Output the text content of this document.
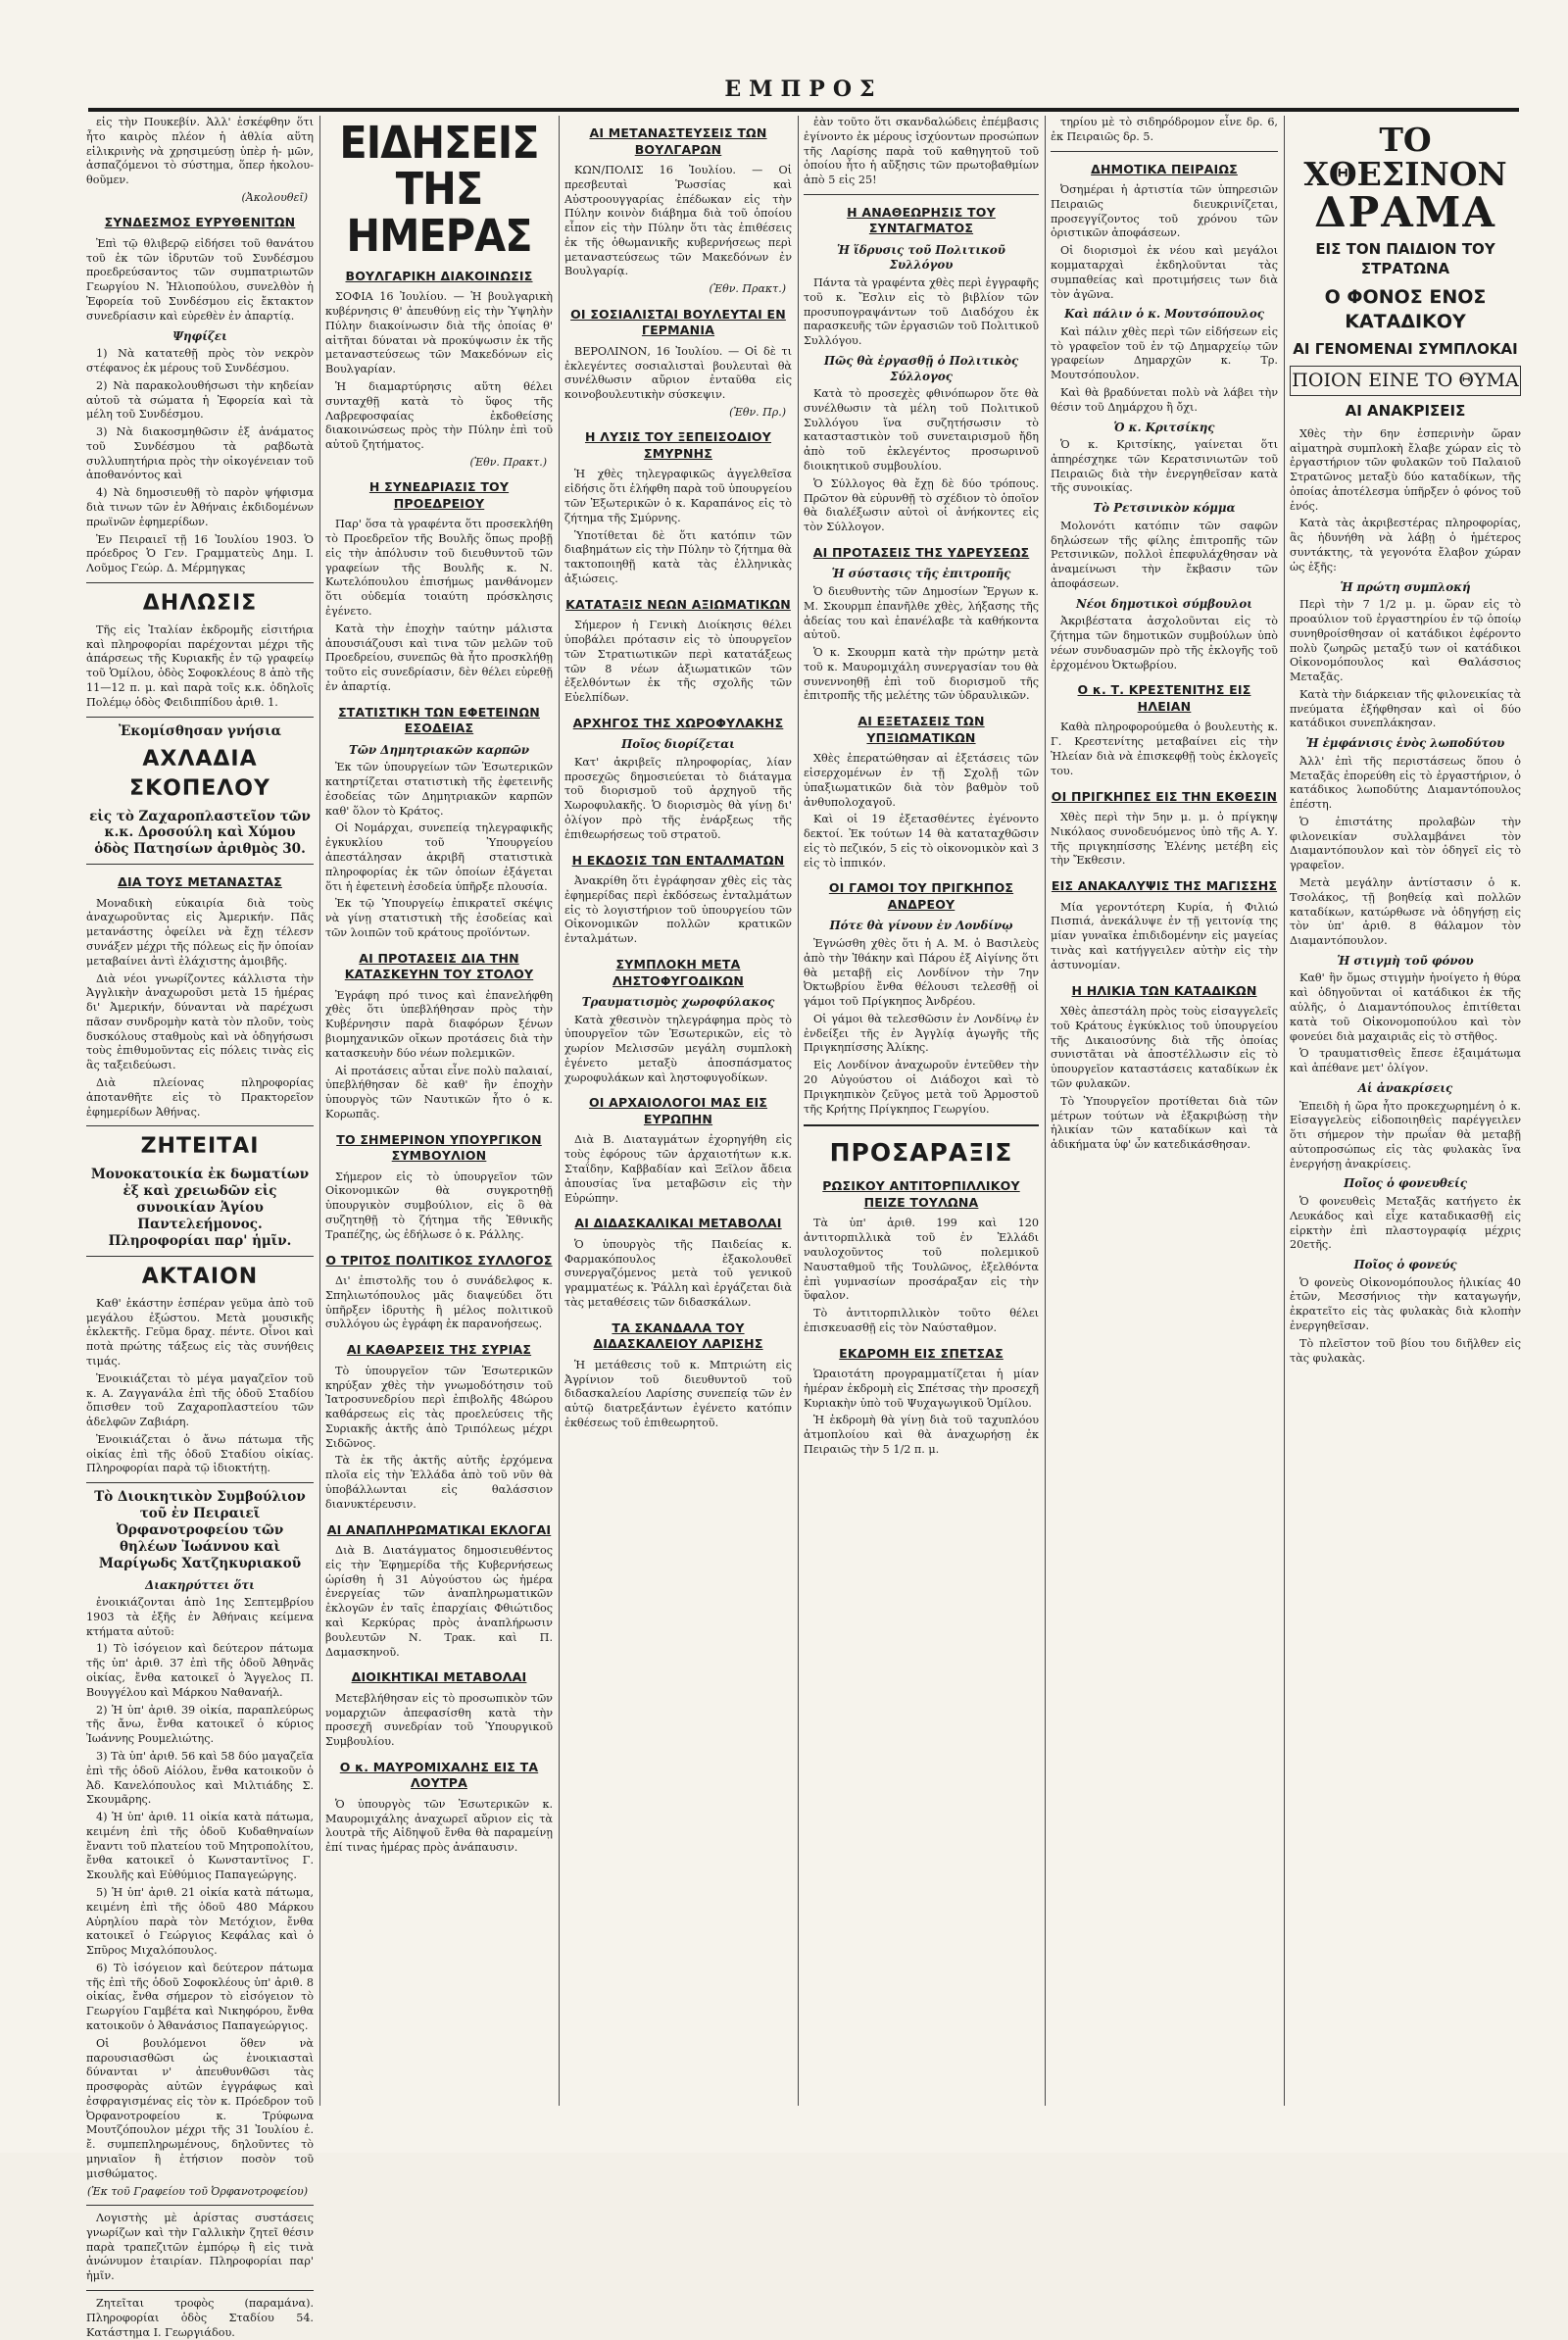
ΕΜΠΡΟΣ

εἰς τὴν Πουκεβίν. Ἀλλ' ἐσκέφθην ὅτι ἦτο καιρὸς πλέον ἡ ἀθλία αὕτη εἰλικρινὴς νὰ χρησιμεύσῃ ὑπὲρ ἡ- μῶν, ἀσπαζόμενοι τὸ σύστημα, ὅπερ ἠκολου- θοῦμεν.

(Ἀκολουθεῖ)
ΣΥΝΔΕΣΜΟΣ ΕΥΡΥΘΕΝΙΤΩΝ

Ἐπὶ τῷ θλιβερῷ εἰδήσει τοῦ θανάτου τοῦ ἐκ τῶν ἱδρυτῶν τοῦ Συνδέσμου προεδρεύσαντος τῶν συμπατριωτῶν Γεωργίου Ν. Ἠλιοπούλου, συνελθὸν ἡ Ἐφορεία τοῦ Συνδέσμου εἰς ἔκτακτον συνεδρίασιν καὶ εὐρεθὲν ἐν ἀπαρτίᾳ.

Ψηφίζει

1) Νὰ κατατεθῇ πρὸς τὸν νεκρὸν στέφανος ἐκ μέρους τοῦ Συνδέσμου.

2) Νὰ παρακολουθήσωσι τὴν κηδείαν αὐτοῦ τὰ σώματα ἡ Ἐφορεία καὶ τὰ μέλη τοῦ Συνδέσμου.

3) Νὰ διακοσμηθῶσιν ἐξ ἀνάματος τοῦ Συνδέσμου τὰ ραβδωτὰ συλλυπητήρια πρὸς τὴν οἰκογένειαν τοῦ ἀποθανόντος καὶ

4) Νὰ δημοσιευθῇ τὸ παρὸν ψήφισμα διὰ τινων τῶν ἐν Ἀθήναις ἐκδιδομένων πρωϊνῶν ἐφημερίδων.

Ἐν Πειραιεῖ τῇ 16 Ἰουλίου 1903. Ὁ πρόεδρος Ὁ Γεν. Γραμματεὺς Δημ. Ι. Λοῦμος Γεώρ. Δ. Μέρμηγκας

ΔΗΛΩΣΙΣ

Τῆς εἰς Ἰταλίαν ἐκδρομῆς εἰσιτήρια καὶ πληροφορίαι παρέχονται μέχρι τῆς ἀπάρσεως τῆς Κυριακῆς ἐν τῷ γραφείῳ τοῦ Ὁμίλου, ὁδὸς Σοφοκλέους 8 ἀπὸ τῆς 11—12 π. μ. καὶ παρὰ τοῖς κ.κ. ὀδηλοῖς Πολέμῳ ὁδὸς Φειδιππίδου ἀριθ. 1.

Ἐκομίσθησαν γνήσια
ΑΧΛΑΔΙΑ ΣΚΟΠΕΛΟΥ
εἰς τὸ Ζαχαροπλαστεῖον τῶν κ.κ. Δροσούλη καὶ Χύμου ὁδὸς Πατησίων ἀριθμὸς 30.
ΔΙΑ ΤΟΥΣ ΜΕΤΑΝΑΣΤΑΣ

Μοναδικὴ εὐκαιρία διὰ τοὺς ἀναχωροῦντας εἰς Ἀμερικήν. Πᾶς μετανάστης ὀφείλει νὰ ἔχῃ τέλεσν συνάξεν μέχρι τῆς πόλεως εἰς ἥν ὁποίαν μεταβαίνει ἀντὶ ἐλάχιστης ἀμοιβῆς.

Διὰ νέοι γνωρίζοντες κάλλιστα τὴν Ἀγγλικὴν ἀναχωροῦσι μετὰ 15 ἡμέρας δι' Ἀμερικήν, δύνανται νὰ παρέχωσι πᾶσαν συνδρομὴν κατὰ τὸν πλοῦν, τοὺς δυσκόλους σταθμοὺς καὶ νὰ ὁδηγήσωσι τοὺς ἐπιθυμοῦντας εἰς πόλεις τινὰς εἰς ἃς ταξειδεύωσι.

Διὰ πλείονας πληροφορίας ἀποτανθῆτε εἰς τὸ Πρακτορεῖον ἐφημερίδων Ἀθήνας.

ΖΗΤΕΙΤΑΙ
Μονοκατοικία ἐκ δωματίων ἐξ καὶ χρειωδῶν εἰς συνοικίαν Ἁγίου Παντελεήμονος. Πληροφορίαι παρ' ἡμῖν.
ΑΚΤΑΙΟΝ

Καθ' ἑκάστην ἑσπέραν γεῦμα ἀπὸ τοῦ μεγάλου ἐξώστου. Μετὰ μουσικῆς ἐκλεκτῆς. Γεῦμα δραχ. πέντε. Οἶνοι καὶ ποτὰ πρώτης τάξεως εἰς τὰς συνήθεις τιμάς.

Ἐνοικιάζεται τὸ μέγα μαγαζεῖον τοῦ κ. Α. Ζαγγανάλα ἐπὶ τῆς ὁδοῦ Σταδίου ὄπισθεν τοῦ Ζαχαροπλαστείου τῶν ἀδελφῶν Ζαβιάρη.

Ἐνοικιάζεται ὁ ἄνω πάτωμα τῆς οἰκίας ἐπὶ τῆς ὁδοῦ Σταδίου οἰκίας. Πληροφορίαι παρὰ τῷ ἰδιοκτήτῃ.

Τὸ Διοικητικὸν Συμβούλιον τοῦ ἐν Πειραιεῖ Ὀρφανοτροφείου τῶν θηλέων Ἰωάννου καὶ Μαρίγωδς Χατζηκυριακοῦ
Διακηρύττει ὅτι

ἐνοικιάζονται ἀπὸ 1ης Σεπτεμβρίου 1903 τὰ ἐξῆς ἐν Ἀθήναις κείμενα κτήματα αὐτοῦ:

1) Τὸ ἰσόγειον καὶ δεύτερον πάτωμα τῆς ὑπ' ἀριθ. 37 ἐπὶ τῆς ὁδοῦ Ἀθηνᾶς οἰκίας, ἔνθα κατοικεῖ ὁ Ἄγγελος Π. Βουγγέλου καὶ Μάρκου Ναθαναήλ.

2) Ἡ ὑπ' ἀριθ. 39 οἰκία, παραπλεύρως τῆς ἄνω, ἔνθα κατοικεῖ ὁ κύριος Ἰωάννης Ρουμελιώτης.

3) Τὰ ὑπ' ἀριθ. 56 καὶ 58 δύο μαγαζεῖα ἐπὶ τῆς ὁδοῦ Αἰόλου, ἔνθα κατοικοῦν ὁ Ἀδ. Κανελόπουλος καὶ Μιλτιάδης Σ. Σκουμᾶρης.

4) Ἡ ὑπ' ἀριθ. 11 οἰκία κατὰ πάτωμα, κειμένη ἐπὶ τῆς ὁδοῦ Κυδαθηναίων ἔναντι τοῦ πλατείου τοῦ Μητροπολίτου, ἔνθα κατοικεῖ ὁ Κωνσταντῖνος Γ. Σκουλῆς καὶ Εὐθύμιος Παπαγεώργης.

5) Ἡ ὑπ' ἀριθ. 21 οἰκία κατὰ πάτωμα, κειμένη ἐπὶ τῆς ὁδοῦ 480 Μάρκου Αὐρηλίου παρὰ τὸν Μετόχιον, ἔνθα κατοικεῖ ὁ Γεώργιος Κεφάλας καὶ ὁ Σπῦρος Μιχαλόπουλος.

6) Τὸ ἰσόγειον καὶ δεύτερον πάτωμα τῆς ἐπὶ τῆς ὁδοῦ Σοφοκλέους ὑπ' ἀριθ. 8 οἰκίας, ἔνθα σήμερον τὸ εἰσόγειον τὸ Γεωργίου Γαμβέτα καὶ Νικηφόρου, ἔνθα κατοικοῦν ὁ Ἀθανάσιος Παπαγεώργιος.

Οἱ βουλόμενοι ὅθεν νὰ παρουσιασθῶσι ὡς ἐνοικιασταὶ δύνανται ν' ἀπευθυνθῶσι τὰς προσφορὰς αὐτῶν ἐγγράφως καὶ ἐσφραγισμένας εἰς τὸν κ. Πρόεδρον τοῦ Ὀρφανοτροφείου κ. Τρύφωνα Μουτζόπουλον μέχρι τῆς 31 Ἰουλίου ἐ. ἔ. συμπεπληρωμένους, δηλοῦντες τὸ μηνιαῖον ἢ ἐτήσιον ποσὸν τοῦ μισθώματος.

(Ἐκ τοῦ Γραφείου τοῦ Ὀρφανοτροφείου)

Λογιστὴς μὲ ἀρίστας συστάσεις γνωρίζων καὶ τὴν Γαλλικὴν ζητεῖ θέσιν παρὰ τραπεζιτῶν ἐμπόρῳ ἢ εἰς τινὰ ἀνώνυμον ἑταιρίαν. Πληροφορίαι παρ' ἡμῖν.

Ζητεῖται τροφὸς (παραμάνα). Πληροφορίαι ὁδὸς Σταδίου 54. Κατάστημα Ι. Γεωργιάδου.

ΕΙΔΗΣΕΙΣ ΤΗΣ ΗΜΕΡΑΣ
ΒΟΥΛΓΑΡΙΚΗ ΔΙΑΚΟΙΝΩΣΙΣ

ΣΟΦΙΑ 16 Ἰουλίου. — Ἡ βουλγαρικὴ κυβέρνησις θ' ἀπευθύνῃ εἰς τὴν Ὑψηλὴν Πύλην διακοίνωσιν διὰ τῆς ὁποίας θ' αἰτῆται δύναται νὰ προκύψωσιν ἐκ τῆς μεταναστεύσεως τῶν Μακεδόνων εἰς Βουλγαρίαν.

Ἡ διαμαρτύρησις αὕτη θέλει συνταχθῇ κατὰ τὸ ὕφος τῆς Λαβρεφοσφαίας ἐκδοθείσης διακοινώσεως πρὸς τὴν Πύλην ἐπὶ τοῦ αὐτοῦ ζητήματος.

(Ἐθν. Πρακτ.)
Η ΣΥΝΕΔΡΙΑΣΙΣ ΤΟΥ ΠΡΟΕΔΡΕΙΟΥ

Παρ' ὅσα τὰ γραφέντα ὅτι προσεκλήθη τὸ Προεδρεῖον τῆς Βουλῆς ὅπως προβῇ εἰς τὴν ἀπόλυσιν τοῦ διευθυντοῦ τῶν γραφείων τῆς Βουλῆς κ. Ν. Κωτελόπουλου ἐπισήμως μανθάνομεν ὅτι οὐδεμία τοιαύτη πρόσκλησις ἐγένετο.

Κατὰ τὴν ἐποχὴν ταύτην μάλιστα ἀπουσιάζουσι καὶ τινα τῶν μελῶν τοῦ Προεδρείου, συνεπῶς θὰ ἦτο προσκλήθῃ τοῦτο εἰς συνεδρίασιν, δὲν θέλει εὑρεθῇ ἐν ἀπαρτίᾳ.

ΣΤΑΤΙΣΤΙΚΗ ΤΩΝ ΕΦΕΤΕΙΝΩΝ ΕΣΟΔΕΙΑΣ
Τῶν Δημητριακῶν καρπῶν

Ἐκ τῶν ὑπουργείων τῶν Ἐσωτερικῶν κατηρτίζεται στατιστικὴ τῆς ἐφετεινῆς ἐσοδείας τῶν Δημητριακῶν καρπῶν καθ' ὅλον τὸ Κράτος.

Οἱ Νομάρχαι, συνεπείᾳ τηλεγραφικῆς ἐγκυκλίου τοῦ Ὑπουργείου ἀπεστάλησαν ἀκριβῆ στατιστικὰ πληροφορίας ἐκ τῶν ὁποίων ἐξάγεται ὅτι ἡ ἐφετεινὴ ἐσοδεία ὑπῆρξε πλουσία.

Ἐκ τῷ Ὑπουργείῳ ἐπικρατεῖ σκέψις νὰ γίνῃ στατιστικὴ τῆς ἐσοδείας καὶ τῶν λοιπῶν τοῦ κράτους προϊόντων.

ΑΙ ΠΡΟΤΑΣΕΙΣ ΔΙΑ ΤΗΝ ΚΑΤΑΣΚΕΥΗΝ ΤΟΥ ΣΤΟΛΟΥ

Ἐγράφη πρό τινος καὶ ἐπανελήφθη χθὲς ὅτι ὑπεβλήθησαν πρὸς τὴν Κυβέρνησιν παρὰ διαφόρων ξένων βιομηχανικῶν οἴκων προτάσεις διὰ τὴν κατασκευὴν δύο νέων πολεμικῶν.

Αἱ προτάσεις αὗται εἶνε πολὺ παλαιαί, ὑπεβλήθησαν δὲ καθ' ἣν ἐποχὴν ὑπουργὸς τῶν Ναυτικῶν ἦτο ὁ κ. Κορωπᾶς.

ΤΟ ΣΗΜΕΡΙΝΟΝ ΥΠΟΥΡΓΙΚΟΝ ΣΥΜΒΟΥΛΙΟΝ

Σήμερον εἰς τὸ ὑπουργεῖον τῶν Οἰκονομικῶν θὰ συγκροτηθῇ ὑπουργικὸν συμβούλιον, εἰς ὃ θὰ συζητηθῇ τὸ ζήτημα τῆς Ἐθνικῆς Τραπέζης, ὡς ἐδήλωσε ὁ κ. Ράλλης.

Ο ΤΡΙΤΟΣ ΠΟΛΙΤΙΚΟΣ ΣΥΛΛΟΓΟΣ

Δι' ἐπιστολῆς του ὁ συνάδελφος κ. Σπηλιωτόπουλος μᾶς διαψεύδει ὅτι ὑπῆρξεν ἱδρυτὴς ἢ μέλος πολιτικοῦ συλλόγου ὡς ἐγράφη ἐκ παρανοήσεως.

ΑΙ ΚΑΘΑΡΣΕΙΣ ΤΗΣ ΣΥΡΙΑΣ

Τὸ ὑπουργεῖον τῶν Ἐσωτερικῶν κηρύξαν χθὲς τὴν γνωμοδότησιν τοῦ Ἰατροσυνεδρίου περὶ ἐπιβολῆς 48ώρου καθάρσεως εἰς τὰς προελεύσεις τῆς Συριακῆς ἀκτῆς ἀπὸ Τριπόλεως μέχρι Σιδῶνος.

Τὰ ἐκ τῆς ἀκτῆς αὐτῆς ἐρχόμενα πλοῖα εἰς τὴν Ἑλλάδα ἀπὸ τοῦ νῦν θὰ ὑποβάλλωνται εἰς θαλάσσιον διανυκτέρευσιν.

ΑΙ ΑΝΑΠΛΗΡΩΜΑΤΙΚΑΙ ΕΚΛΟΓΑΙ

Διὰ Β. Διατάγματος δημοσιευθέντος εἰς τὴν Ἐφημερίδα τῆς Κυβερνήσεως ὡρίσθη ἡ 31 Αὐγούστου ὡς ἡμέρα ἐνεργείας τῶν ἀναπληρωματικῶν ἐκλογῶν ἐν ταῖς ἐπαρχίαις Φθιώτιδος καὶ Κερκύρας πρὸς ἀναπλήρωσιν βουλευτῶν Ν. Τρακ. καὶ Π. Δαμασκηνοῦ.

ΔΙΟΙΚΗΤΙΚΑΙ ΜΕΤΑΒΟΛΑΙ

Μετεβλήθησαν εἰς τὸ προσωπικὸν τῶν νομαρχιῶν ἀπεφασίσθη κατὰ τὴν προσεχῆ συνεδρίαν τοῦ Ὑπουργικοῦ Συμβουλίου.

Ο κ. ΜΑΥΡΟΜΙΧΑΛΗΣ ΕΙΣ ΤΑ ΛΟΥΤΡΑ

Ὁ ὑπουργὸς τῶν Ἐσωτερικῶν κ. Μαυρομιχάλης ἀναχωρεῖ αὔριον εἰς τὰ λουτρὰ τῆς Αἰδηψοῦ ἔνθα θὰ παραμείνῃ ἐπί τινας ἡμέρας πρὸς ἀνάπαυσιν.

ΑΙ ΜΕΤΑΝΑΣΤΕΥΣΕΙΣ ΤΩΝ ΒΟΥΛΓΑΡΩΝ

ΚΩΝ/ΠΟΛΙΣ 16 Ἰουλίου. — Οἱ πρεσβευταὶ Ῥωσσίας καὶ Αὐστροουγγαρίας ἐπέδωκαν εἰς τὴν Πύλην κοινὸν διάβημα διὰ τοῦ ὁποίου εἶπον εἰς τὴν Πύλην ὅτι τὰς ἐπιθέσεις ἐκ τῆς ὀθωμανικῆς κυβερνήσεως περὶ μεταναστεύσεως τῶν Μακεδόνων ἐν Βουλγαρίᾳ.

(Ἐθν. Πρακτ.)
ΟΙ ΣΟΣΙΑΛΙΣΤΑΙ ΒΟΥΛΕΥΤΑΙ ΕΝ ΓΕΡΜΑΝΙΑ

ΒΕΡΟΛΙΝΟΝ, 16 Ἰουλίου. — Οἱ δὲ τι ἐκλεγέντες σοσιαλισταὶ βουλευταὶ θὰ συνέλθωσιν αὔριον ἐνταῦθα εἰς κοινοβουλευτικὴν σύσκεψιν.

(Ἐθν. Πρ.)
Η ΛΥΣΙΣ ΤΟΥ ΞΕΠΕΙΣΟΔΙΟΥ ΣΜΥΡΝΗΣ

Ἡ χθὲς τηλεγραφικῶς ἀγγελθεῖσα εἰδήσις ὅτι ἐλήφθη παρὰ τοῦ ὑπουργείου τῶν Ἐξωτερικῶν ὁ κ. Καραπάνος εἰς τὸ ζήτημα τῆς Σμύρνης.

Ὑποτίθεται δὲ ὅτι κατόπιν τῶν διαβημάτων εἰς τὴν Πύλην τὸ ζήτημα θὰ τακτοποιηθῇ κατὰ τὰς ἐλληνικὰς ἀξιώσεις.

ΚΑΤΑΤΑΞΙΣ ΝΕΩΝ ΑΞΙΩΜΑΤΙΚΩΝ

Σήμερον ἡ Γενικὴ Διοίκησις θέλει ὑποβάλει πρότασιν εἰς τὸ ὑπουργεῖον τῶν Στρατιωτικῶν περὶ κατατάξεως τῶν 8 νέων ἀξιωματικῶν τῶν ἐξελθόντων ἐκ τῆς σχολῆς τῶν Εὐελπίδων.

ΑΡΧΗΓΟΣ ΤΗΣ ΧΩΡΟΦΥΛΑΚΗΣ
Ποῖος διορίζεται

Κατ' ἀκριβεῖς πληροφορίας, λίαν προσεχῶς δημοσιεύεται τὸ διάταγμα τοῦ διορισμοῦ τοῦ ἀρχηγοῦ τῆς Χωροφυλακῆς. Ὁ διορισμὸς θὰ γίνῃ δι' ὀλίγον πρὸ τῆς ἐνάρξεως τῆς ἐπιθεωρήσεως τοῦ στρατοῦ.

Η ΕΚΔΟΣΙΣ ΤΩΝ ΕΝΤΑΛΜΑΤΩΝ

Ἀνακρίθη ὅτι ἐγράφησαν χθὲς εἰς τὰς ἐφημερίδας περὶ ἐκδόσεως ἐνταλμάτων εἰς τὸ λογιστήριον τοῦ ὑπουργείου τῶν Οἰκονομικῶν πολλῶν κρατικῶν ἐνταλμάτων.

ΣΥΜΠΛΟΚΗ ΜΕΤΑ ΛΗΣΤΟΦΥΓΟΔΙΚΩΝ
Τραυματισμὸς χωροφύλακος

Κατὰ χθεσινὸν τηλεγράφημα πρὸς τὸ ὑπουργεῖον τῶν Ἐσωτερικῶν, εἰς τὸ χωρίον Μελισσῶν μεγάλη συμπλοκὴ ἐγένετο μεταξὺ ἀποσπάσματος χωροφυλάκων καὶ ληστοφυγοδίκων.

ΟΙ ΑΡΧΑΙΟΛΟΓΟΙ ΜΑΣ ΕΙΣ ΕΥΡΩΠΗΝ

Διὰ Β. Διαταγμάτων ἐχορηγήθη εἰς τοὺς ἐφόρους τῶν ἀρχαιοτήτων κ.κ. Σταΐδην, Καββαδίαν καὶ Ξεῖλον ἄδεια ἀπουσίας ἵνα μεταβῶσιν εἰς τὴν Εὐρώπην.

ΑΙ ΔΙΔΑΣΚΑΛΙΚΑΙ ΜΕΤΑΒΟΛΑΙ

Ὁ ὑπουργὸς τῆς Παιδείας κ. Φαρμακόπουλος ἐξακολουθεῖ συνεργαζόμενος μετὰ τοῦ γενικοῦ γραμματέως κ. Ῥάλλη καὶ ἐργάζεται διὰ τὰς μεταθέσεις τῶν διδασκάλων.

ΤΑ ΣΚΑΝΔΑΛΑ ΤΟΥ ΔΙΔΑΣΚΑΛΕΙΟΥ ΛΑΡΙΣΗΣ

Ἡ μετάθεσις τοῦ κ. Μπτριώτη εἰς Ἀγρίνιον τοῦ διευθυντοῦ τοῦ διδασκαλείου Λαρίσης συνεπείᾳ τῶν ἐν αὐτῷ διατρεξάντων ἐγένετο κατόπιν ἐκθέσεως τοῦ ἐπιθεωρητοῦ.

ἐὰν τοῦτο ὅτι σκανδαλώδεις ἐπέμβασις ἐγίνοντο ἐκ μέρους ἰσχύοντων προσώπων τῆς Λαρίσης παρὰ τοῦ καθηγητοῦ τοῦ ὁποίου ἦτο ἡ αὔξησις τῶν πρωτοβαθμίων ἀπὸ 5 εἰς 25!

Η ΑΝΑΘΕΩΡΗΣΙΣ ΤΟΥ ΣΥΝΤΑΓΜΑΤΟΣ
Ἡ ἵδρυσις τοῦ Πολιτικοῦ Συλλόγου

Πάντα τὰ γραφέντα χθὲς περὶ ἐγγραφῆς τοῦ κ. Ἔσλιν εἰς τὸ βιβλίον τῶν προσυπογραψάντων τοῦ Διαδόχου ἐκ παρασκευῆς τῶν ἐργασιῶν τοῦ Πολιτικοῦ Συλλόγου.

Πῶς θὰ ἐργασθῇ ὁ Πολιτικὸς Σύλλογος

Κατὰ τὸ προσεχὲς φθινόπωρον ὅτε θὰ συνέλθωσιν τὰ μέλη τοῦ Πολιτικοῦ Συλλόγου ἵνα συζητήσωσιν τὸ κατασταστικὸν τοῦ συνεταιρισμοῦ ἤδη ἀπὸ τοῦ ἐκλεγέντος προσωρινοῦ διοικητικοῦ συμβουλίου.

Ὁ Σύλλογος θὰ ἔχῃ δὲ δύο τρόπους. Πρῶτον θὰ εὐρυνθῇ τὸ σχέδιον τὸ ὁποῖον θὰ διαλέξωσιν αὐτοὶ οἱ ἀνήκοντες εἰς τὸν Σύλλογον.

ΑΙ ΠΡΟΤΑΣΕΙΣ ΤΗΣ ΥΔΡΕΥΣΕΩΣ
Ἡ σύστασις τῆς ἐπιτροπῆς

Ὁ διευθυντὴς τῶν Δημοσίων Ἔργων κ. Μ. Σκουρμπ ἐπανῆλθε χθὲς, λήξασης τῆς ἀδείας του καὶ ἐπανέλαβε τὰ καθήκοντα αὐτοῦ.

Ὁ κ. Σκουρμπ κατὰ τὴν πρώτην μετὰ τοῦ κ. Μαυρομιχάλη συνεργασίαν του θὰ συνεννοηθῇ ἐπὶ τοῦ διορισμοῦ τῆς ἐπιτροπῆς τῆς μελέτης τῶν ὑδραυλικῶν.

ΑΙ ΕΞΕΤΑΣΕΙΣ ΤΩΝ ΥΠΞΙΩΜΑΤΙΚΩΝ

Χθὲς ἐπερατώθησαν αἱ ἐξετάσεις τῶν εἰσερχομένων ἐν τῇ Σχολῇ τῶν ὑπαξιωματικῶν διὰ τὸν βαθμὸν τοῦ ἀνθυπολοχαγοῦ.

Καὶ οἱ 19 ἐξετασθέντες ἐγένοντο δεκτοί. Ἐκ τούτων 14 θὰ καταταχθῶσιν εἰς τὸ πεζικόν, 5 εἰς τὸ οἰκονομικὸν καὶ 3 εἰς τὸ ἱππικόν.

ΟΙ ΓΑΜΟΙ ΤΟΥ ΠΡΙΓΚΗΠΟΣ ΑΝΔΡΕΟΥ
Πότε θὰ γίνουν ἐν Λονδίνῳ

Ἐγνώσθη χθὲς ὅτι ἡ Α. Μ. ὁ Βασιλεὺς ἀπὸ τὴν Ἰθάκην καὶ Πάρου ἐξ Αἰγίνης ὅτι θὰ μεταβῇ εἰς Λονδίνον τὴν 7ην Ὀκτωβρίου ἔνθα θέλουσι τελεσθῇ οἱ γάμοι τοῦ Πρίγκηπος Ἀνδρέου.

Οἱ γάμοι θὰ τελεσθῶσιν ἐν Λονδίνῳ ἐν ἐνδείξει τῆς ἐν Ἀγγλίᾳ ἀγωγῆς τῆς Πριγκηπίσσης Ἀλίκης.

Εἰς Λονδίνον ἀναχωροῦν ἐντεῦθεν τὴν 20 Αὐγούστου οἱ Διάδοχοι καὶ τὸ Πριγκηπικὸν ζεῦγος μετὰ τοῦ Ἁρμοστοῦ τῆς Κρήτης Πρίγκηπος Γεωργίου.

ΠΡΟΣΑΡΑΞΙΣ
ΡΩΣΙΚΟΥ ΑΝΤΙΤΟΡΠΙΛΛΙΚΟΥ ΠΕΙΖΕ ΤΟΥΛΩΝΑ

Τὰ ὑπ' ἀριθ. 199 καὶ 120 ἀντιτορπιλλικὰ τοῦ ἐν Ἑλλάδι ναυλοχοῦντος τοῦ πολεμικοῦ Ναυσταθμοῦ τῆς Τουλῶνος, ἐξελθόντα ἐπὶ γυμνασίων προσάραξαν εἰς τὴν ὕφαλον.

Τὸ ἀντιτορπιλλικὸν τοῦτο θέλει ἐπισκευασθῇ εἰς τὸν Ναύσταθμον.

ΕΚΔΡΟΜΗ ΕΙΣ ΣΠΕΤΣΑΣ

Ὡραιοτάτη προγραμματίζεται ἡ μίαν ἡμέραν ἐκδρομὴ εἰς Σπέτσας τὴν προσεχῆ Κυριακὴν ὑπὸ τοῦ Ψυχαγωγικοῦ Ὁμίλου.

Ἡ ἐκδρομὴ θὰ γίνῃ διὰ τοῦ ταχυπλόου ἀτμοπλοίου καὶ θὰ ἀναχωρήσῃ ἐκ Πειραιῶς τὴν 5 1/2 π. μ.

τηρίου μὲ τὸ σιδηρόδρομον εἶνε δρ. 6, ἐκ Πειραιῶς δρ. 5.

ΔΗΜΟΤΙΚΑ ΠΕΙΡΑΙΩΣ

Ὀσημέραι ἡ ἀρτιστία τῶν ὑπηρεσιῶν Πειραιῶς διευκρινίζεται, προσεγγίζοντος τοῦ χρόνου τῶν ὁριστικῶν ἀποφάσεων.

Οἱ διορισμοὶ ἐκ νέου καὶ μεγάλοι κομματαρχαὶ ἐκδηλοῦνται τὰς συμπαθείας καὶ προτιμήσεις των διὰ τὸν ἀγῶνα.

Καὶ πάλιν ὁ κ. Μουτσόπουλος

Καὶ πάλιν χθὲς περὶ τῶν εἰδήσεων εἰς τὸ γραφεῖον τοῦ ἐν τῷ Δημαρχείῳ τῶν γραφείων Δημαρχῶν κ. Τρ. Μουτσόπουλον.

Καὶ θὰ βραδύνεται πολὺ νὰ λάβει τὴν θέσιν τοῦ Δημάρχου ἢ ὄχι.

Ὁ κ. Κριτσίκης

Ὁ κ. Κριτσίκης, γαίνεται ὅτι ἀπηρέσχηκε τῶν Κερατσινιωτῶν τοῦ Πειραιῶς διὰ τὴν ἐνεργηθεῖσαν κατὰ τῆς συνοικίας.

Τὸ Ρετσινικὸν κόμμα

Μολονότι κατόπιν τῶν σαφῶν δηλώσεων τῆς φίλης ἐπιτροπῆς τῶν Ρετσινικῶν, πολλοὶ ἐπεφυλάχθησαν νὰ ἀναμείνωσι τὴν ἔκβασιν τῶν ἀποφάσεων.

Νέοι δημοτικοὶ σύμβουλοι

Ἀκριβέστατα ἀσχολοῦνται εἰς τὸ ζήτημα τῶν δημοτικῶν συμβούλων ὑπὸ νέων συνδυασμῶν πρὸ τῆς ἐκλογῆς τοῦ ἐρχομένου Ὀκτωβρίου.

Ο κ. Τ. ΚΡΕΣΤΕΝΙΤΗΣ ΕΙΣ ΗΛΕΙΑΝ

Καθὰ πληροφορούμεθα ὁ βουλευτὴς κ. Γ. Κρεστενίτης μεταβαίνει εἰς τὴν Ἠλείαν διὰ νὰ ἐπισκεφθῇ τοὺς ἐκλογεῖς του.

ΟΙ ΠΡΙΓΚΗΠΕΣ ΕΙΣ ΤΗΝ ΕΚΘΕΣΙΝ

Χθὲς περὶ τὴν 5ην μ. μ. ὁ πρίγκηψ Νικόλαος συνοδευόμενος ὑπὸ τῆς Α. Υ. τῆς πριγκηπίσσης Ἑλένης μετέβη εἰς τὴν Ἔκθεσιν.

ΕΙΣ ΑΝΑΚΑΛΥΨΙΣ ΤΗΣ ΜΑΓΙΣΣΗΣ

Μία γεροντότερη Κυρία, ἡ Φιλιώ Πισπιά, ἀνεκάλυψε ἐν τῇ γειτονίᾳ της μίαν γυναῖκα ἐπιδιδομένην εἰς μαγείας τινὰς καὶ κατήγγειλεν αὐτὴν εἰς τὴν ἀστυνομίαν.

Η ΗΛΙΚΙΑ ΤΩΝ ΚΑΤΑΔΙΚΩΝ

Χθὲς ἀπεστάλη πρὸς τοὺς εἰσαγγελεῖς τοῦ Κράτους ἐγκύκλιος τοῦ ὑπουργείου τῆς Δικαιοσύνης διὰ τῆς ὁποίας συνιστᾶται νὰ ἀποστέλλωσιν εἰς τὸ ὑπουργεῖον καταστάσεις καταδίκων ἐκ τῶν φυλακῶν.

Τὸ Ὑπουργεῖον προτίθεται διὰ τῶν μέτρων τούτων νὰ ἐξακριβώσῃ τὴν ἡλικίαν τῶν καταδίκων καὶ τὰ ἀδικήματα ὑφ' ὧν κατεδικάσθησαν.

ΤΟ ΧΘΕΣΙΝΟΝ
ΔΡΑΜΑ
ΕΙΣ ΤΟΝ ΠΑΙΔΙΟΝ ΤΟΥ ΣΤΡΑΤΩΝΑ
Ο ΦΟΝΟΣ ΕΝΟΣ ΚΑΤΑΔΙΚΟΥ
ΑΙ ΓΕΝΟΜΕΝΑΙ ΣΥΜΠΛΟΚΑΙ
ΠΟΙΟΝ ΕΙΝΕ ΤΟ ΘΥΜΑ
ΑΙ ΑΝΑΚΡΙΣΕΙΣ

Χθὲς τὴν 6ην ἑσπερινὴν ὥραν αἱματηρὰ συμπλοκὴ ἔλαβε χώραν εἰς τὸ ἐργαστήριον τῶν φυλακῶν τοῦ Παλαιοῦ Στρατῶνος μεταξὺ δύο καταδίκων, τῆς ὁποίας ἀποτέλεσμα ὑπῆρξεν ὁ φόνος τοῦ ἑνός.

Κατὰ τὰς ἀκριβεστέρας πληροφορίας, ἃς ἠδυνήθη νὰ λάβῃ ὁ ἡμέτερος συντάκτης, τὰ γεγονότα ἔλαβον χώραν ὡς ἑξῆς:

Ἡ πρώτη συμπλοκή

Περὶ τὴν 7 1/2 μ. μ. ὥραν εἰς τὸ προαύλιον τοῦ ἐργαστηρίου ἐν τῷ ὁποίῳ συνηθροίσθησαν οἱ κατάδικοι ἐφέροντο πολὺ ζωηρῶς μεταξύ των οἱ κατάδικοι Οἰκονομόπουλος καὶ Θαλάσσιος Μεταξᾶς.

Κατὰ τὴν διάρκειαν τῆς φιλονεικίας τὰ πνεύματα ἐξήφθησαν καὶ οἱ δύο κατάδικοι συνεπλάκησαν.

Ἡ ἐμφάνισις ἑνὸς λωποδύτου

Ἀλλ' ἐπὶ τῆς περιστάσεως ὅπου ὁ Μεταξᾶς ἐπορεύθη εἰς τὸ ἐργαστήριον, ὁ κατάδικος λωποδύτης Διαμαντόπουλος ἐπέστη.

Ὁ ἐπιστάτης προλαβὼν τὴν φιλονεικίαν συλλαμβάνει τὸν Διαμαντόπουλον καὶ τὸν ὁδηγεῖ εἰς τὸ γραφεῖον.

Μετὰ μεγάλην ἀντίστασιν ὁ κ. Τσολάκος, τῇ βοηθείᾳ καὶ πολλῶν καταδίκων, κατώρθωσε νὰ ὁδηγήσῃ εἰς τὸν ὑπ' ἀριθ. 8 θάλαμον τὸν Διαμαντόπουλον.

Ἡ στιγμὴ τοῦ φόνου

Καθ' ἣν ὅμως στιγμὴν ἠνοίγετο ἡ θύρα καὶ ὁδηγοῦνται οἱ κατάδικοι ἐκ τῆς αὐλῆς, ὁ Διαμαντόπουλος ἐπιτίθεται κατὰ τοῦ Οἰκονομοπούλου καὶ τὸν φονεύει διὰ μαχαιριᾶς εἰς τὸ στῆθος.

Ὁ τραυματισθεὶς ἔπεσε ἐξαιμάτωμα καὶ ἀπέθανε μετ' ὀλίγον.

Αἱ ἀνακρίσεις

Ἐπειδὴ ἡ ὥρα ἦτο προκεχωρημένη ὁ κ. Εἰσαγγελεὺς εἰδοποιηθεὶς παρέγγειλεν ὅτι σήμερον τὴν πρωΐαν θὰ μεταβῇ αὐτοπροσώπως εἰς τὰς φυλακὰς ἵνα ἐνεργήσῃ ἀνακρίσεις.

Ποῖος ὁ φονευθείς

Ὁ φονευθεὶς Μεταξᾶς κατήγετο ἐκ Λευκάδος καὶ εἶχε καταδικασθῇ εἰς εἰρκτὴν ἐπὶ πλαστογραφίᾳ μέχρις 20ετῆς.

Ποῖος ὁ φονεύς

Ὁ φονεὺς Οἰκονομόπουλος ἡλικίας 40 ἐτῶν, Μεσσήνιος τὴν καταγωγήν, ἐκρατεῖτο εἰς τὰς φυλακὰς διὰ κλοπὴν ἐνεργηθεῖσαν.

Τὸ πλεῖστον τοῦ βίου του διῆλθεν εἰς τὰς φυλακὰς.
